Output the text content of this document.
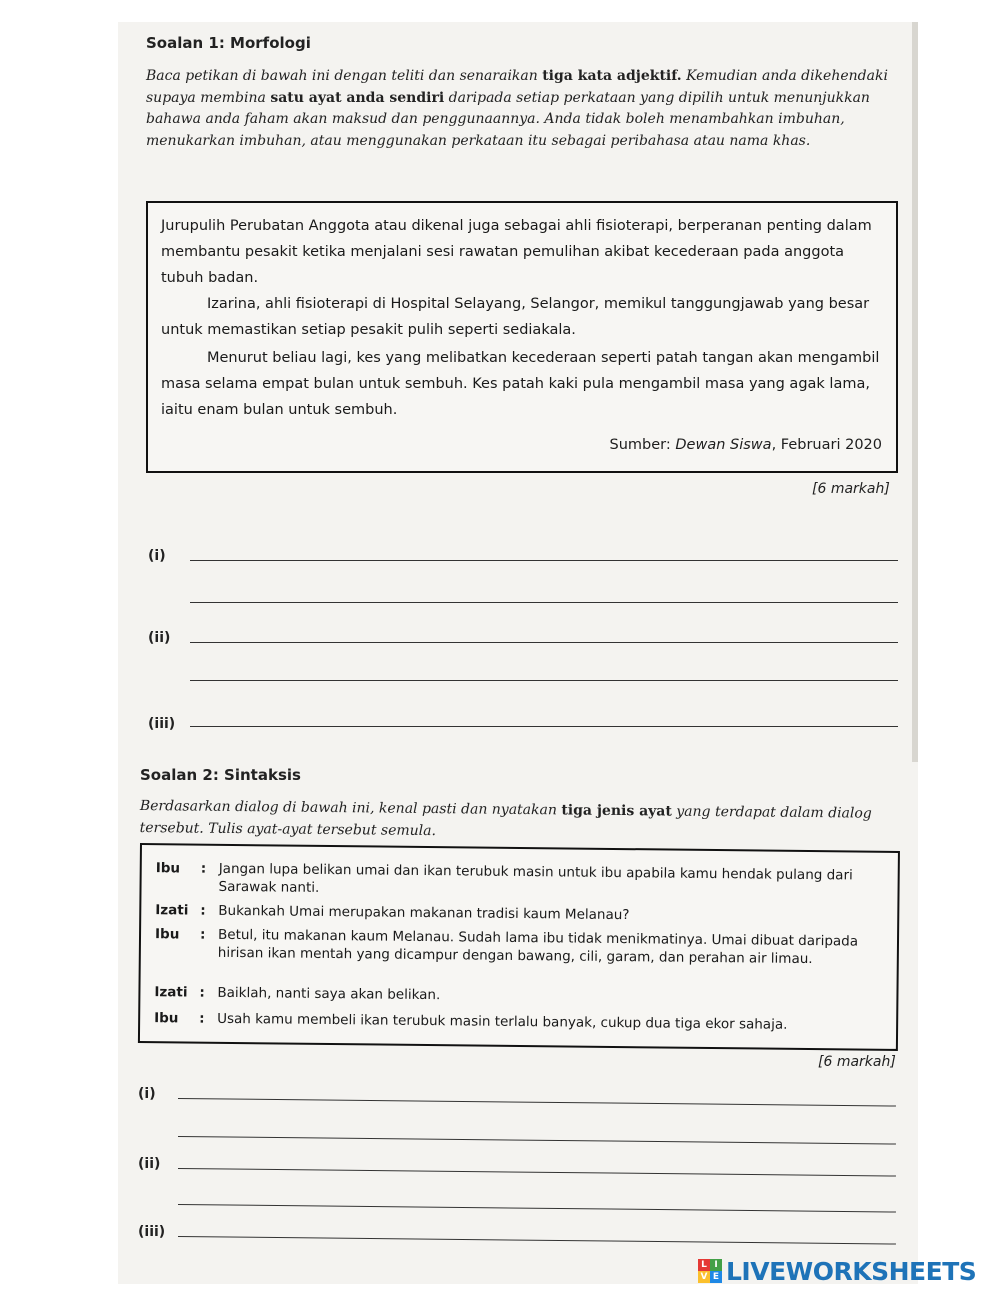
Soalan 1: Morfologi
Baca petikan di bawah ini dengan teliti dan senaraikan tiga kata adjektif. Kemudian anda dikehendaki supaya membina satu ayat anda sendiri daripada setiap perkataan yang dipilih untuk menunjukkan bahawa anda faham akan maksud dan penggunaannya. Anda tidak boleh menambahkan imbuhan, menukarkan imbuhan, atau menggunakan perkataan itu sebagai peribahasa atau nama khas.
Jurupulih Perubatan Anggota atau dikenal juga sebagai ahli fisioterapi, berperanan penting dalam membantu pesakit ketika menjalani sesi rawatan pemulihan akibat kecederaan pada anggota tubuh badan.
Izarina, ahli fisioterapi di Hospital Selayang, Selangor, memikul tanggungjawab yang besar untuk memastikan setiap pesakit pulih seperti sediakala.
Menurut beliau lagi, kes yang melibatkan kecederaan seperti patah tangan akan mengambil masa selama empat bulan untuk sembuh. Kes patah kaki pula mengambil masa yang agak lama, iaitu enam bulan untuk sembuh.
Sumber: Dewan Siswa, Februari 2020
[6 markah]
(i)
(ii)
(iii)
Soalan 2: Sintaksis
Berdasarkan dialog di bawah ini, kenal pasti dan nyatakan tiga jenis ayat yang terdapat dalam dialog tersebut. Tulis ayat-ayat tersebut semula.
Ibu	: Jangan lupa belikan umai dan ikan terubuk masin untuk ibu apabila kamu hendak pulang dari Sarawak nanti.
Izati : Bukankah Umai merupakan makanan tradisi kaum Melanau?
Ibu	: Betul, itu makanan kaum Melanau. Sudah lama ibu tidak menikmatinya. Umai dibuat daripada hirisan ikan mentah yang dicampur dengan bawang, cili, garam, dan perahan air limau.
Izati : Baiklah, nanti saya akan belikan.
Ibu	: Usah kamu membeli ikan terubuk masin terlalu banyak, cukup dua tiga ekor sahaja.
[6 markah]
(i)
(ii)
(iii)
L I
V E LIVEWORKSHEETS
